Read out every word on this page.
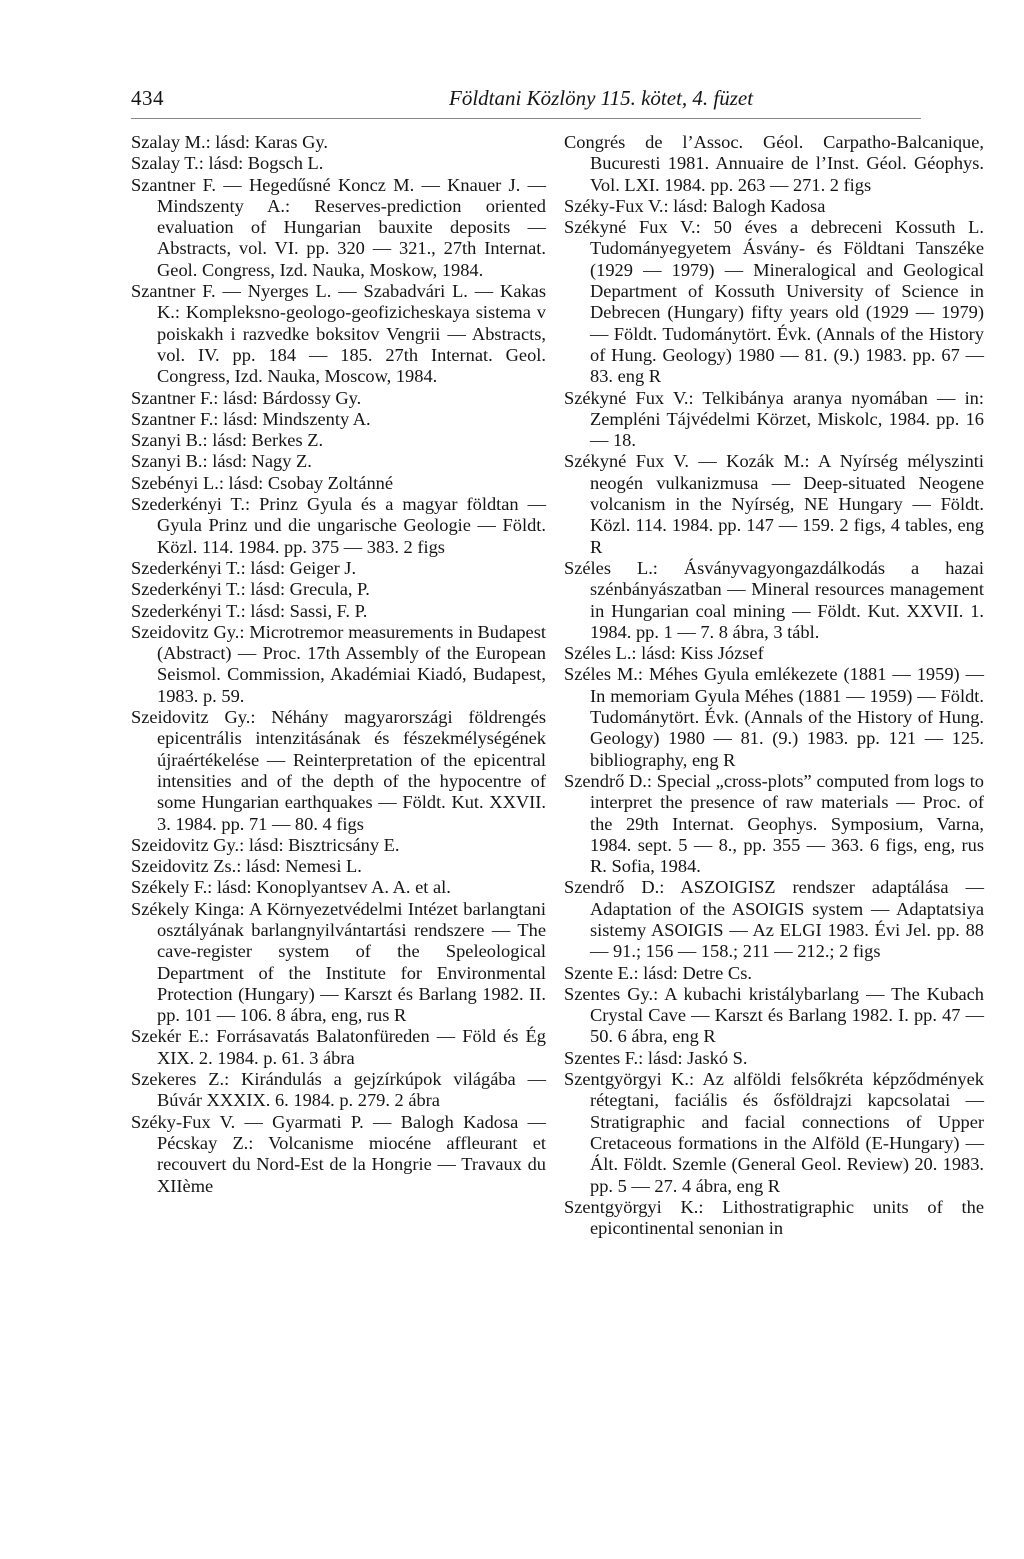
434	Földtani Közlöny 115. kötet, 4. füzet

Szalay M.: lásd: Karas Gy.

Szalay T.: lásd: Bogsch L.

Szantner F. — Hegedűsné Koncz M. — Knauer J. — Mindszenty A.: Reserves-prediction oriented evaluation of Hungarian bauxite deposits — Abstracts, vol. VI. pp. 320 — 321., 27th Internat. Geol. Congress, Izd. Nauka, Moskow, 1984.

Szantner F. — Nyerges L. — Szabadvári L. — Kakas K.: Kompleksno-geologo-geofizicheskaya sistema v poiskakh i razvedke boksitov Vengrii — Abstracts, vol. IV. pp. 184 — 185. 27th Internat. Geol. Congress, Izd. Nauka, Moscow, 1984.

Szantner F.: lásd: Bárdossy Gy.

Szantner F.: lásd: Mindszenty A.

Szanyi B.: lásd: Berkes Z.

Szanyi B.: lásd: Nagy Z.

Szebényi L.: lásd: Csobay Zoltánné

Szederkényi T.: Prinz Gyula és a magyar földtan — Gyula Prinz und die ungarische Geologie — Földt. Közl. 114. 1984. pp. 375 — 383. 2 figs

Szederkényi T.: lásd: Geiger J.

Szederkényi T.: lásd: Grecula, P.

Szederkényi T.: lásd: Sassi, F. P.

Szeidovitz Gy.: Microtremor measurements in Budapest (Abstract) — Proc. 17th Assembly of the European Seismol. Commission, Akadémiai Kiadó, Budapest, 1983. p. 59.

Szeidovitz Gy.: Néhány magyarországi földrengés epicentrális intenzitásának és fészekmélységének újraértékelése — Reinterpretation of the epicentral intensities and of the depth of the hypocentre of some Hungarian earthquakes — Földt. Kut. XXVII. 3. 1984. pp. 71 — 80. 4 figs

Szeidovitz Gy.: lásd: Bisztricsány E.

Szeidovitz Zs.: lásd: Nemesi L.

Székely F.: lásd: Konoplyantsev A. A. et al.

Székely Kinga: A Környezetvédelmi Intézet barlangtani osztályának barlangnyilvántartási rendszere — The cave-register system of the Speleological Department of the Institute for Environmental Protection (Hungary) — Karszt és Barlang 1982. II. pp. 101 — 106. 8 ábra, eng, rus R

Szekér E.: Forrásavatás Balatonfüreden — Föld és Ég XIX. 2. 1984. p. 61. 3 ábra

Szekeres Z.: Kirándulás a gejzírkúpok világába — Búvár XXXIX. 6. 1984. p. 279. 2 ábra

Széky-Fux V. — Gyarmati P. — Balogh Kadosa — Pécskay Z.: Volcanisme miocéne affleurant et recouvert du Nord-Est de la Hongrie — Travaux du XIIème

Congrés de l’Assoc. Géol. Carpatho-Balcanique, Bucuresti 1981. Annuaire de l’Inst. Géol. Géophys. Vol. LXI. 1984. pp. 263 — 271. 2 figs

Széky-Fux V.: lásd: Balogh Kadosa

Székyné Fux V.: 50 éves a debreceni Kossuth L. Tudományegyetem Ásvány- és Földtani Tanszéke (1929 — 1979) — Mineralogical and Geological Department of Kossuth University of Science in Debrecen (Hungary) fifty years old (1929 — 1979) — Földt. Tudománytört. Évk. (Annals of the History of Hung. Geology) 1980 — 81. (9.) 1983. pp. 67 — 83. eng R

Székyné Fux V.: Telkibánya aranya nyomában — in: Zempléni Tájvédelmi Körzet, Miskolc, 1984. pp. 16 — 18.

Székyné Fux V. — Kozák M.: A Nyírség mélyszinti neogén vulkanizmusa — Deep-situated Neogene volcanism in the Nyírség, NE Hungary — Földt. Közl. 114. 1984. pp. 147 — 159. 2 figs, 4 tables, eng R

Széles L.: Ásványvagyongazdálkodás a hazai szénbányászatban — Mineral resources management in Hungarian coal mining — Földt. Kut. XXVII. 1. 1984. pp. 1 — 7. 8 ábra, 3 tábl.

Széles L.: lásd: Kiss József

Széles M.: Méhes Gyula emlékezete (1881 — 1959) — In memoriam Gyula Méhes (1881 — 1959) — Földt. Tudománytört. Évk. (Annals of the History of Hung. Geology) 1980 — 81. (9.) 1983. pp. 121 — 125. bibliography, eng R

Szendrő D.: Special „cross-plots” computed from logs to interpret the presence of raw materials — Proc. of the 29th Internat. Geophys. Symposium, Varna, 1984. sept. 5 — 8., pp. 355 — 363. 6 figs, eng, rus R. Sofia, 1984.

Szendrő D.: ASZOIGISZ rendszer adaptálása — Adaptation of the ASOIGIS system — Adaptatsiya sistemy ASOIGIS — Az ELGI 1983. Évi Jel. pp. 88 — 91.; 156 — 158.; 211 — 212.; 2 figs

Szente E.: lásd: Detre Cs.

Szentes Gy.: A kubachi kristálybarlang — The Kubach Crystal Cave — Karszt és Barlang 1982. I. pp. 47 — 50. 6 ábra, eng R

Szentes F.: lásd: Jaskó S.

Szentgyörgyi K.: Az alföldi felsőkréta képződmények rétegtani, faciális és ősföldrajzi kapcsolatai — Stratigraphic and facial connections of Upper Cretaceous formations in the Alföld (E-Hungary) — Ált. Földt. Szemle (General Geol. Review) 20. 1983. pp. 5 — 27. 4 ábra, eng R

Szentgyörgyi K.: Lithostratigraphic units of the epicontinental senonian in
